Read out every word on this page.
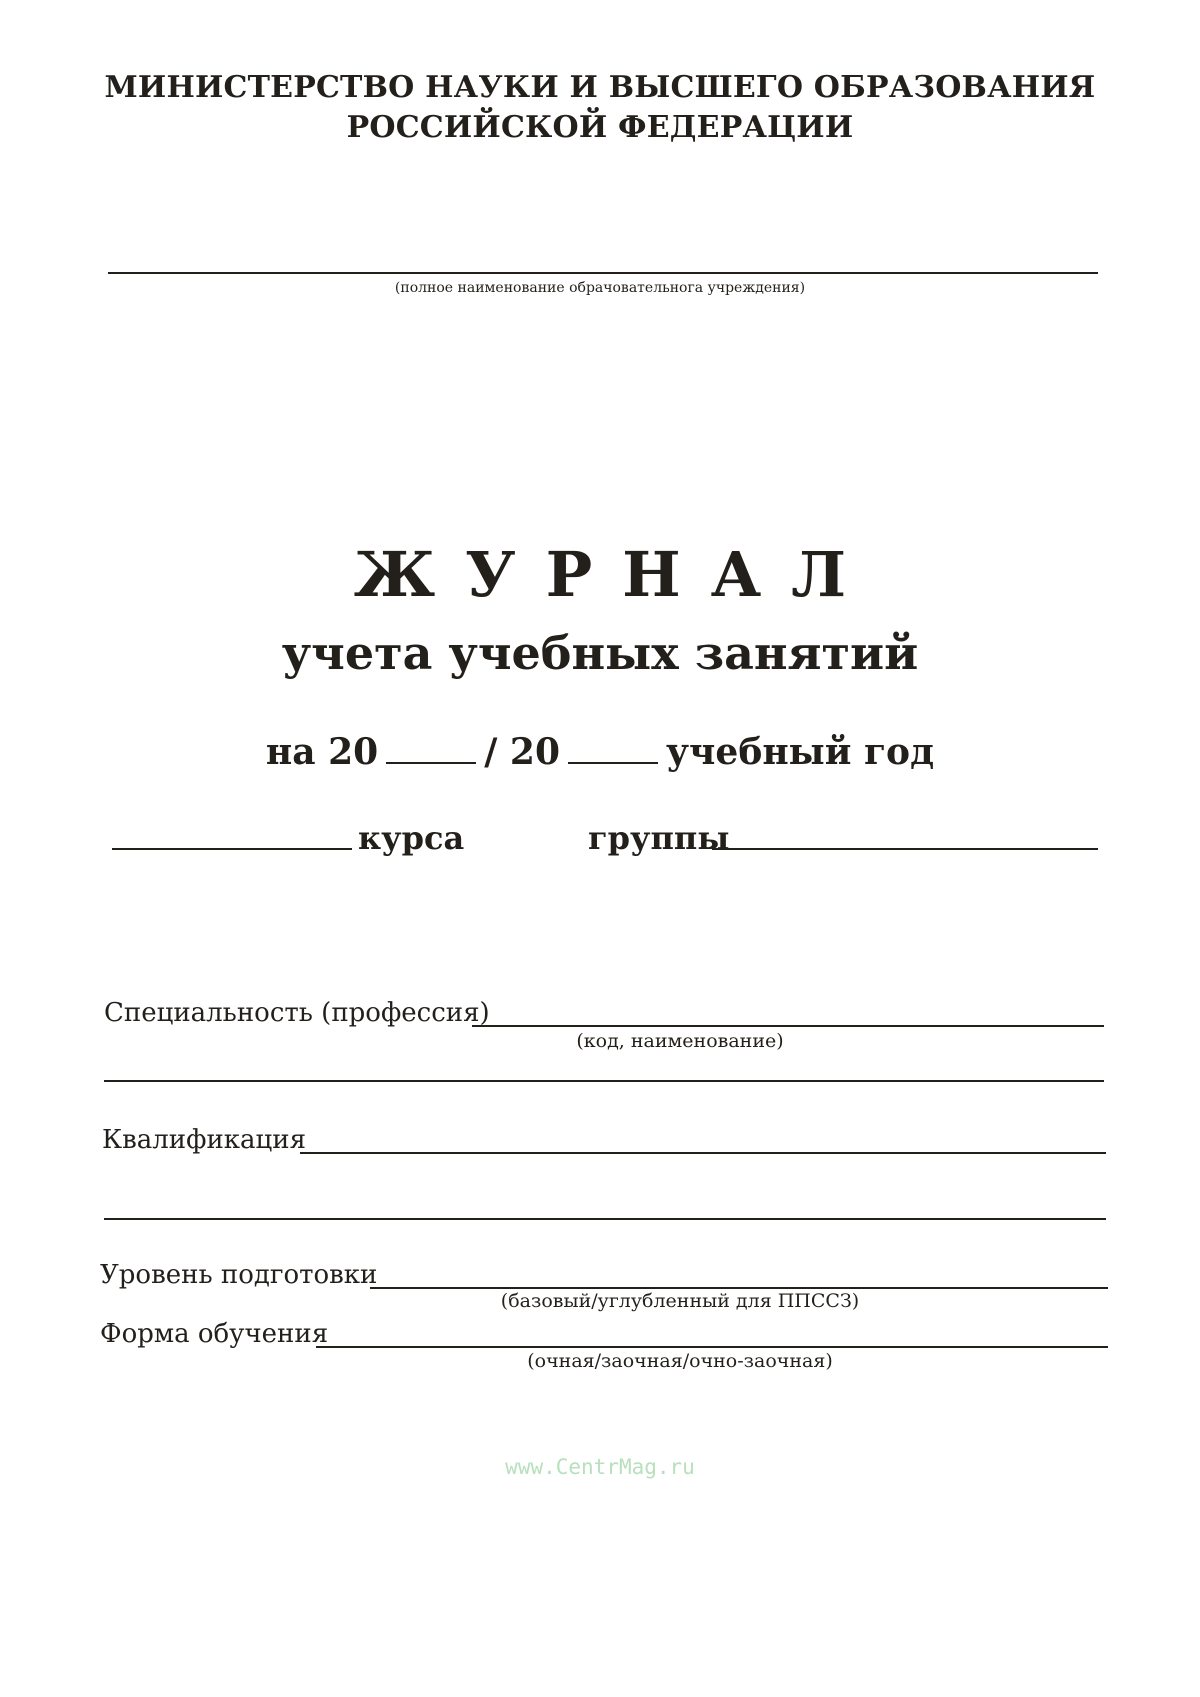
МИНИСТЕРСТВО НАУКИ И ВЫСШЕГО ОБРАЗОВАНИЯ
РОССИЙСКОЙ ФЕДЕРАЦИИ
(полное наименование обрачовательнога учреждения)
ЖУРНАЛ
учета учебных занятий
на 20	/ 20	учебный год
курса	группы
Специальность (профессия)
(код, наименование)
Квалификация
Уровень подготовки
(базовый/углубленный для ППССЗ)
Форма обучения
(очная/заочная/очно-заочная)
www.CentrMag.ru
